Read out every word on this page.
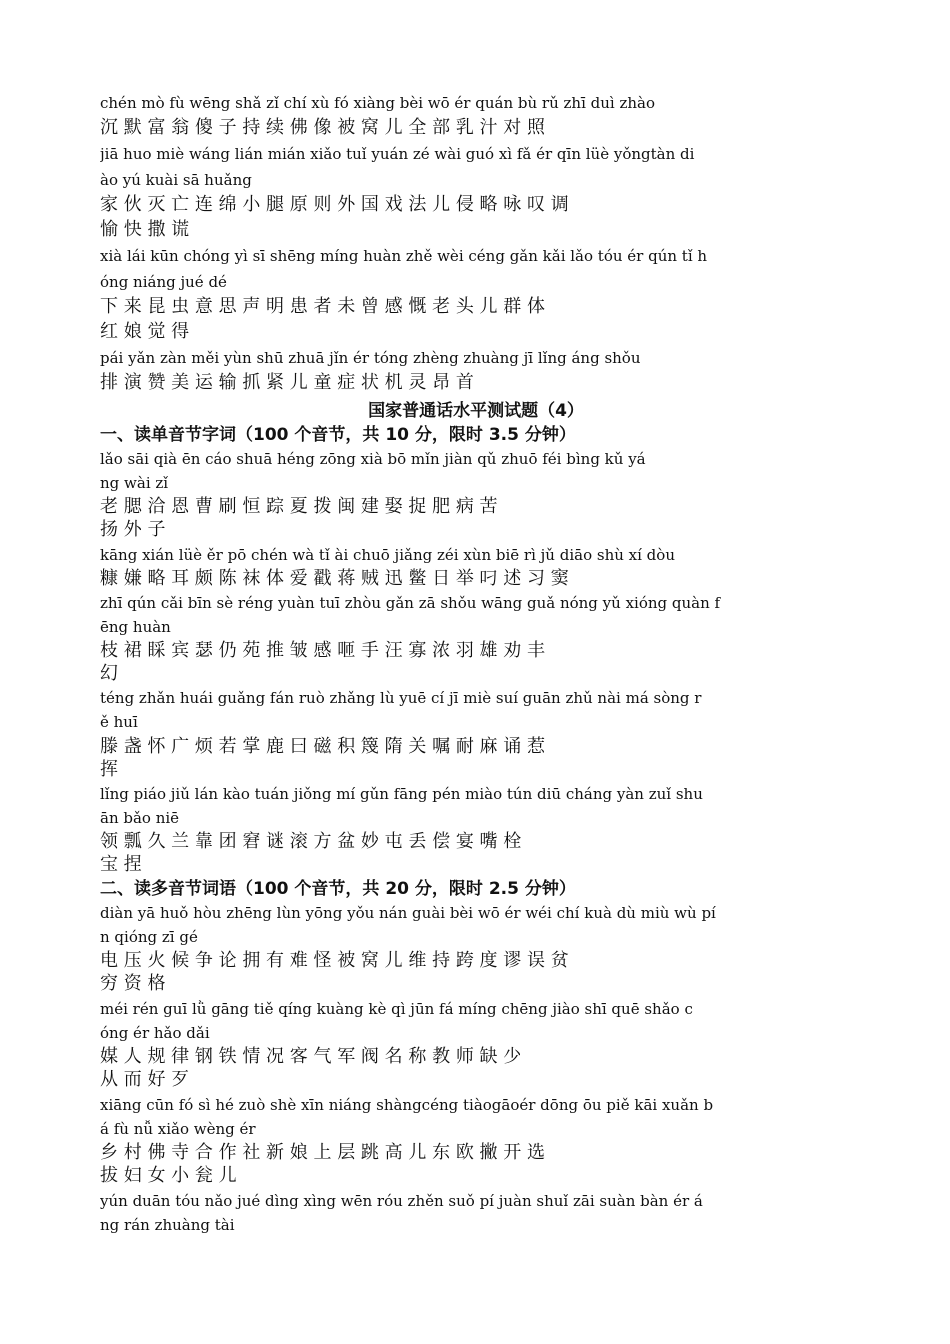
chén mò fù wēng shǎ zǐ chí xù fó xiàng bèi wō ér quán bù rǔ zhī duì zhào
沉 默 富 翁 傻 子 持 续 佛 像 被 窝 儿 全 部 乳 汁 对 照
jiā huo miè wáng lián mián xiǎo tuǐ yuán zé wài guó xì fǎ ér qīn lüè yǒngtàn di
ào yú kuài sā huǎng
家 伙 灭 亡 连 绵 小 腿 原 则 外 国 戏 法 儿 侵 略 咏 叹 调
愉 快 撒 谎
xià lái kūn chóng yì sī shēng míng huàn zhě wèi céng gǎn kǎi lǎo tóu ér qún tǐ h
óng niáng jué dé
下 来 昆 虫 意 思 声 明 患 者 未 曾 感 慨 老 头 儿 群 体
红 娘 觉 得
pái yǎn zàn měi yùn shū zhuā jǐn ér tóng zhèng zhuàng jī lǐng áng shǒu
排 演 赞 美 运 输 抓 紧 儿 童 症 状 机 灵 昂 首
国家普通话水平测试题（4）
一、读单音节字词（100 个音节，共 10 分，限时 3.5 分钟）
lǎo sāi qià ēn cáo shuā héng zōng xià bō mǐn jiàn qǔ zhuō féi bìng kǔ yá
ng wài zǐ
老 腮 洽 恩 曹 刷 恒 踪 夏 拨 闽 建 娶 捉 肥 病 苦
扬 外 子
kāng xián lüè ěr pō chén wà tǐ ài chuō jiǎng zéi xùn biē rì jǔ diāo shù xí dòu
糠 嫌 略 耳 颇 陈 袜 体 爱 戳 蒋 贼 迅 鳖 日 举 叼 述 习 窦
zhī qún cǎi bīn sè réng yuàn tuī zhòu gǎn zā shǒu wāng guǎ nóng yǔ xióng quàn f
ēng huàn
枝 裙 睬 宾 瑟 仍 苑 推 皱 感 咂 手 汪 寡 浓 羽 雄 劝 丰
幻
téng zhǎn huái guǎng fán ruò zhǎng lù yuē cí jī miè suí guān zhǔ nài má sòng r
ě huī
滕 盏 怀 广 烦 若 掌 鹿 曰 磁 积 篾 隋 关 嘱 耐 麻 诵 惹
挥
lǐng piáo jiǔ lán kào tuán jiǒng mí gǔn fāng pén miào tún diū cháng yàn zuǐ shu
ān bǎo niē
领 瓢 久 兰 靠 团 窘 谜 滚 方 盆 妙 屯 丢 偿 宴 嘴 栓
宝 捏
二、读多音节词语（100 个音节，共 20 分，限时 2.5 分钟）
diàn yā huǒ hòu zhēng lùn yōng yǒu nán guài bèi wō ér wéi chí kuà dù miù wù pí
n qióng zī gé
电 压 火 候 争 论 拥 有 难 怪 被 窝 儿 维 持 跨 度 谬 误 贫
穷 资 格
méi rén guī lǜ gāng tiě qíng kuàng kè qì jūn fá míng chēng jiào shī quē shǎo c
óng ér hǎo dǎi
媒 人 规 律 钢 铁 情 况 客 气 军 阀 名 称 教 师 缺 少
从 而 好 歹
xiāng cūn fó sì hé zuò shè xīn niáng shàngcéng tiàogāoér dōng ōu piě kāi xuǎn b
á fù nǚ xiǎo wèng ér
乡 村 佛 寺 合 作 社 新 娘 上 层 跳 高 儿 东 欧 撇 开 选
拔 妇 女 小 瓮 儿
yún duān tóu nǎo jué dìng xìng wēn róu zhěn suǒ pí juàn shuǐ zāi suàn bàn ér á
ng rán zhuàng tài
